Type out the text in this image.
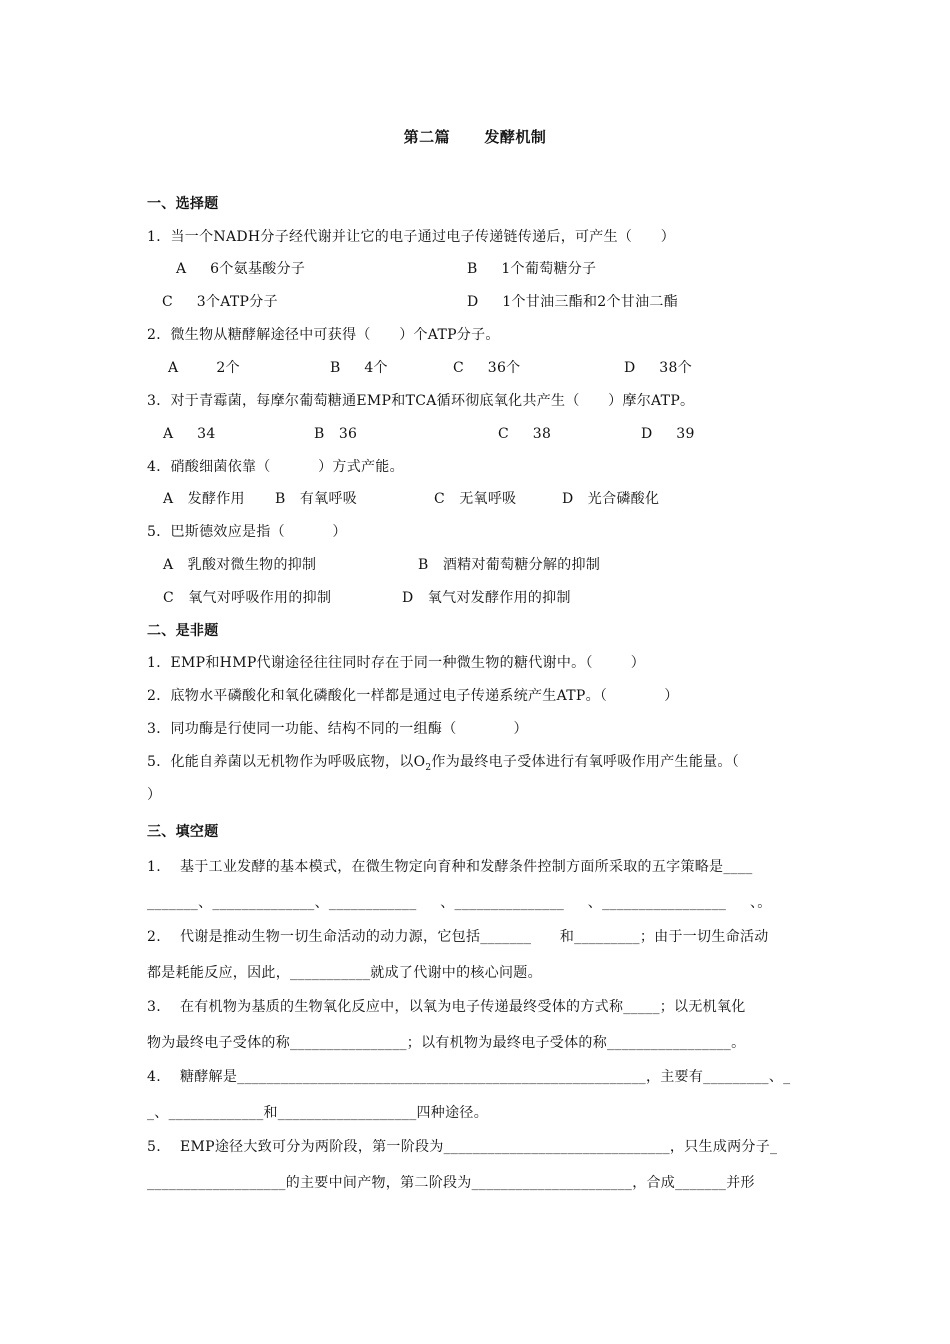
第二篇      发酵机制
一、选择题
1．当一个NADH分子经代谢并让它的电子通过电子传递链传递后，可产生（      ）
A     6个氨基酸分子	B     1个葡萄糖分子
C     3个ATP分子	D     1个甘油三酯和2个甘油二酯
2．微生物从糖酵解途径中可获得（      ）个ATP分子。
A        2个	B     4个	C     36个	D     38个
3．对于青霉菌，每摩尔葡萄糖通EMP和TCA循环彻底氧化共产生（      ）摩尔ATP。
A     34	B   36	C     38	D     39
4．硝酸细菌依靠（          ）方式产能。
A   发酵作用 B   有氧呼吸	C   无氧呼吸	D   光合磷酸化
5．巴斯德效应是指（          ）
A   乳酸对微生物的抑制	B   酒精对葡萄糖分解的抑制
C   氧气对呼吸作用的抑制	D   氧气对发酵作用的抑制
二、是非题
1．EMP和HMP代谢途径往往同时存在于同一种微生物的糖代谢中。（        ）
2．底物水平磷酸化和氧化磷酸化一样都是通过电子传递系统产生ATP。（            ）
3．同功酶是行使同一功能、结构不同的一组酶（            ）
5．化能自养菌以无机物作为呼吸底物，以$O_2$作为最终电子受体进行有氧呼吸作用产生能量。（
）
三、填空题
1.    基于工业发酵的基本模式，在微生物定向育种和发酵条件控制方面所采取的五字策略是____
_______、______________、____________     、_______________     、_________________     、。
2.    代谢是推动生物一切生命活动的动力源，它包括_______      和_________；由于一切生命活动
都是耗能反应，因此，___________就成了代谢中的核心问题。
3.    在有机物为基质的生物氧化反应中，以氧为电子传递最终受体的方式称_____；以无机氧化
物为最终电子受体的称________________；以有机物为最终电子受体的称_________________。
4.    糖酵解是________________________________________________________，主要有_________、_
_、_____________和___________________四种途径。
5.    EMP途径大致可分为两阶段，第一阶段为_______________________________，只生成两分子_
___________________的主要中间产物，第二阶段为______________________，合成_______并形
